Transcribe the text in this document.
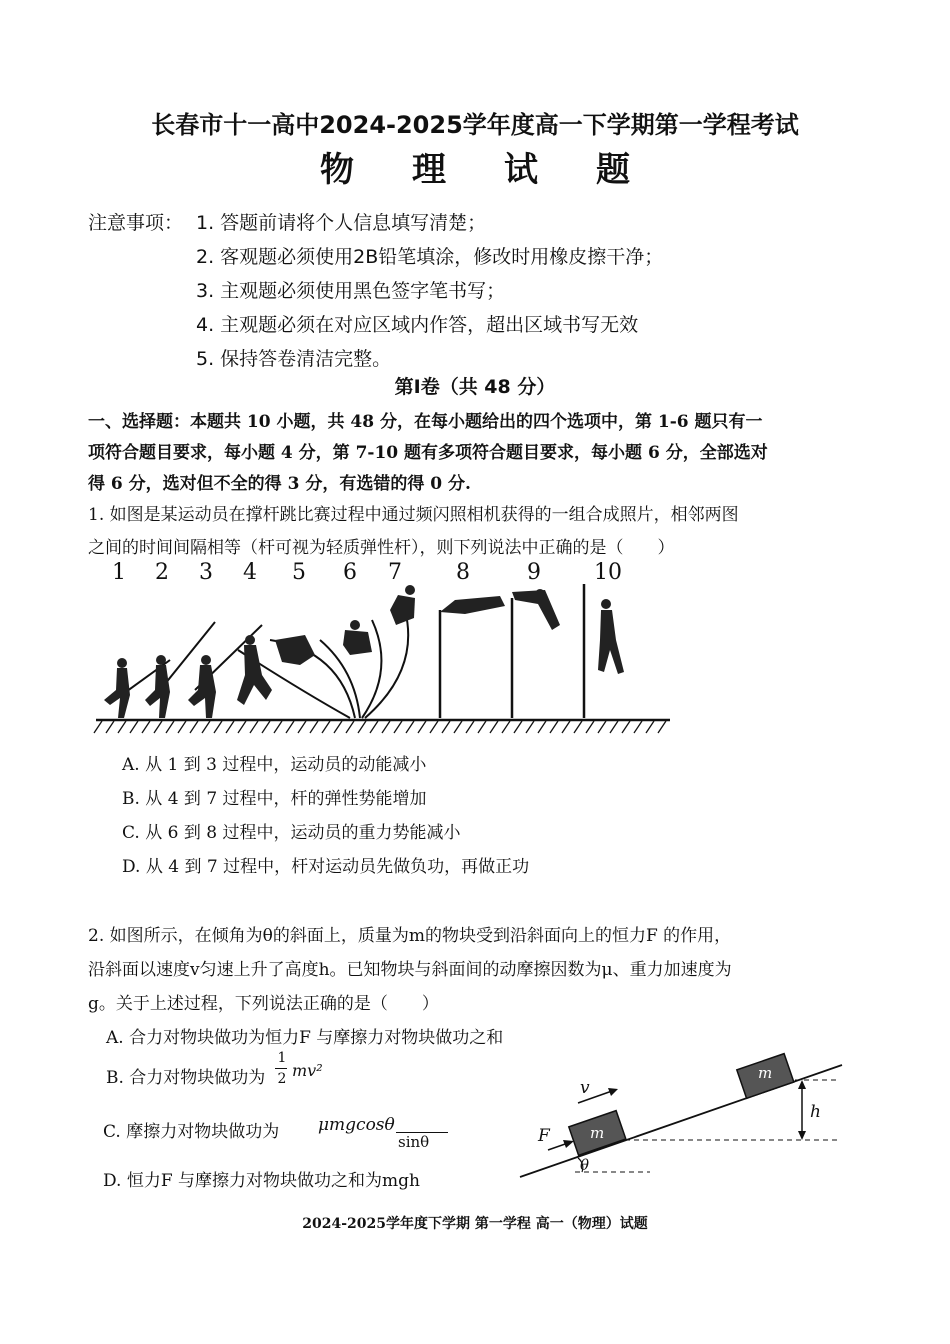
长春市十一高中2024-2025学年度高一下学期第一学程考试
物理试题
注意事项： 1. 答题前请将个人信息填写清楚；
2. 客观题必须使用2B铅笔填涂，修改时用橡皮擦干净；
3. 主观题必须使用黑色签字笔书写；
4. 主观题必须在对应区域内作答，超出区域书写无效
5. 保持答卷清洁完整。
第Ⅰ卷（共 48 分）
一、选择题：本题共 10 小题，共 48 分，在每小题给出的四个选项中，第 1-6 题只有一
项符合题目要求，每小题 4 分，第 7-10 题有多项符合题目要求，每小题 6 分，全部选对
得 6 分，选对但不全的得 3 分，有选错的得 0 分.
1. 如图是某运动员在撑杆跳比赛过程中通过频闪照相机获得的一组合成照片，相邻两图
之间的时间间隔相等（杆可视为轻质弹性杆），则下列说法中正确的是（　　）
1 2 3 4 5 6 7 8	9 10
A. 从 1 到 3 过程中，运动员的动能减小
B. 从 4 到 7 过程中，杆的弹性势能增加
C. 从 6 到 8 过程中，运动员的重力势能减小
D. 从 4 到 7 过程中，杆对运动员先做负功，再做正功
2. 如图所示，在倾角为θ的斜面上，质量为m的物块受到沿斜面向上的恒力F 的作用，
沿斜面以速度v匀速上升了高度h。已知物块与斜面间的动摩擦因数为μ、重力加速度为
g。关于上述过程，下列说法正确的是（　　）
A. 合力对物块做功为恒力F 与摩擦力对物块做功之和
B. 合力对物块做功为
1
2 mv²
C. 摩擦力对物块做功为 μmgcosθ
sinθ
D. 恒力F 与摩擦力对物块做功之和为mgh
v
F	m
m
h
θ
2024-2025学年度下学期 第一学程 高一（物理）试题
